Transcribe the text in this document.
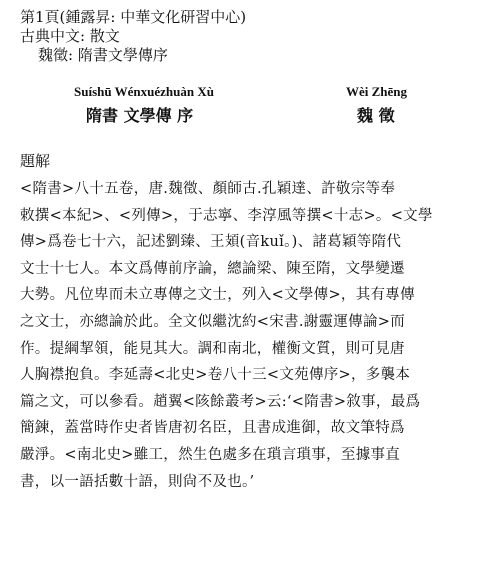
第1頁(鍾露昇: 中華文化研習中心)
古典中文: 散文
魏徵: 隋書文學傳序
Suíshū Wénxuézhuàn Xù	Wèi Zhēng
隋書 文學傳 序	魏 徵
題解

<隋書>八十五卷，唐.魏徵、顏師古.孔穎達、許敬宗等奉

敕撰<本紀>、<列傳>，于志寧、李淳風等撰<十志>。<文學

傳>爲卷七十六，記述劉臻、王頍(音kuǐ。)、諸葛穎等隋代

文士十七人。本文爲傳前序論，總論梁、陳至隋，文學變遷

大勢。凡位卑而未立專傳之文士，列入<文學傳>，其有專傳

之文士，亦總論於此。全文似繼沈約<宋書.謝靈運傳論>而

作。提綱挈領，能見其大。調和南北，權衡文質，則可見唐

人胸襟抱負。李延壽<北史>卷八十三<文苑傳序>，多襲本

篇之文，可以參看。趙翼<陔餘叢考>云:‘<隋書>敘事，最爲

簡鍊，蓋當時作史者皆唐初名臣，且書成進御，故文筆特爲

嚴淨。<南北史>雖工，然生色處多在瑣言瑣事，至據事直

書，以一語括數十語，則尙不及也。’
